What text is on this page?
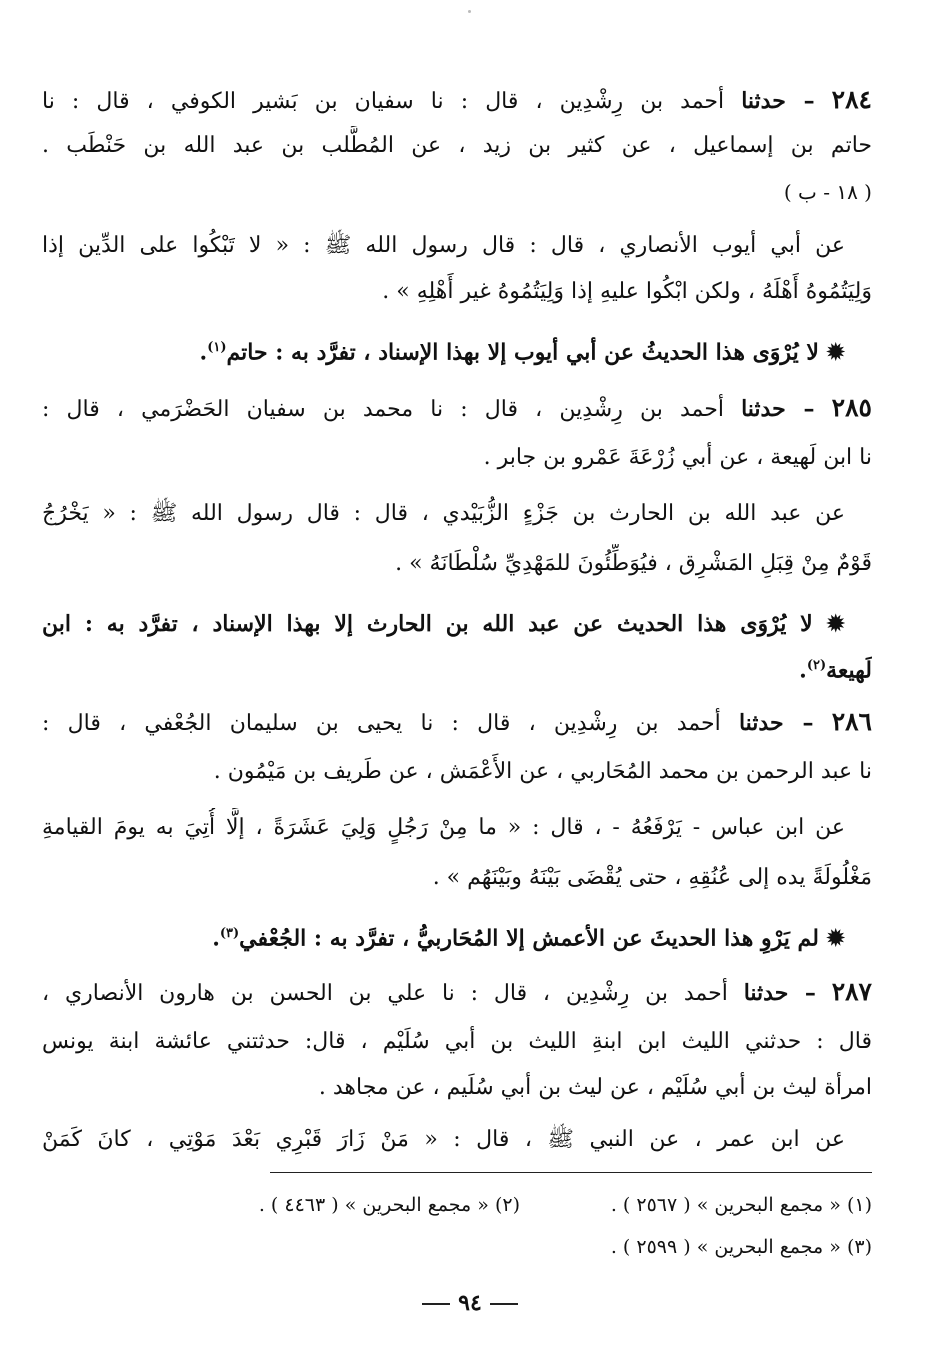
٢٨٤ – حدثنا أحمد بن رِشْدِين ، قال : نا سفيان بن بَشير الكوفي ، قال : نا
حاتم بن إسماعيل ، عن كثير بن زيد ، عن المُطَّلب بن عبد الله بن حَنْطَب .
( ١٨ - ب )
عن أبي أيوب الأنصاري ، قال : قال رسول الله ﷺ : « لا تَبْكُوا على الدِّين إذا
وَلِيَتُمُوهُ أَهْلَهُ ، ولكن ابْكُوا عليهِ إذا وَلِيَتُمُوهُ غير أَهْلِهِ » .
✹ لا يُرْوَى هذا الحديثُ عن أبي أيوب إلا بهذا الإسناد ، تفرَّد به : حاتم$^{(١)}$.
٢٨٥ – حدثنا أحمد بن رِشْدِين ، قال : نا محمد بن سفيان الحَضْرَمي ، قال :
نا ابن لَهيعة ، عن أبي زُرْعَةَ عَمْرو بن جابر .
عن عبد الله بن الحارث بن جَزْءٍ الزُّبَيْدي ، قال : قال رسول الله ﷺ : « يَخْرُجُ
قَوْمٌ مِنْ قِبَلِ المَشْرِق ، فيُوَطِّئُونَ للمَهْدِيِّ سُلْطَانَهُ » .
✹ لا يُرْوَى هذا الحديث عن عبد الله بن الحارث إلا بهذا الإسناد ، تفرَّد به : ابن
لَهيعة$^{(٢)}$.
٢٨٦ – حدثنا أحمد بن رِشْدِين ، قال : نا يحيى بن سليمان الجُعْفي ، قال :
نا عبد الرحمن بن محمد المُحَاربي ، عن الأَعْمَش ، عن طَريف بن مَيْمُون .
عن ابن عباس - يَرْفَعُهُ - ، قال : « ما مِنْ رَجُلٍ وَلِيَ عَشَرَةً ، إلَّا أُتِيَ به يومَ القيامةِ
مَغْلُولَةً يده إلى عُنُقِهِ ، حتى يُقْضَى بَيْنَهُ وبَيْنَهُم » .
✹ لم يَرْوِ هذا الحديثَ عن الأعمش إلا المُحَاربيُّ ، تفرَّد به : الجُعْفي$^{(٣)}$.
٢٨٧ – حدثنا أحمد بن رِشْدِين ، قال : نا علي بن الحسن بن هارون الأنصاري ،
قال : حدثني الليث ابن ابنةِ الليث بن أبي سُلَيْم ، قال: حدثتني عائشة ابنة يونس
امرأة ليث بن أبي سُلَيْم ، عن ليث بن أبي سُلَيم ، عن مجاهد .
عن ابن عمر ، عن النبي ﷺ ، قال : « مَنْ زَارَ قَبْرِي بَعْدَ مَوْتِي ، كانَ كَمَنْ
(١) « مجمع البحرين » ( ٢٥٦٧ ) .
(٢) « مجمع البحرين » ( ٤٤٦٣ ) .
(٣) « مجمع البحرين » ( ٢٥٩٩ ) .
٩٤
